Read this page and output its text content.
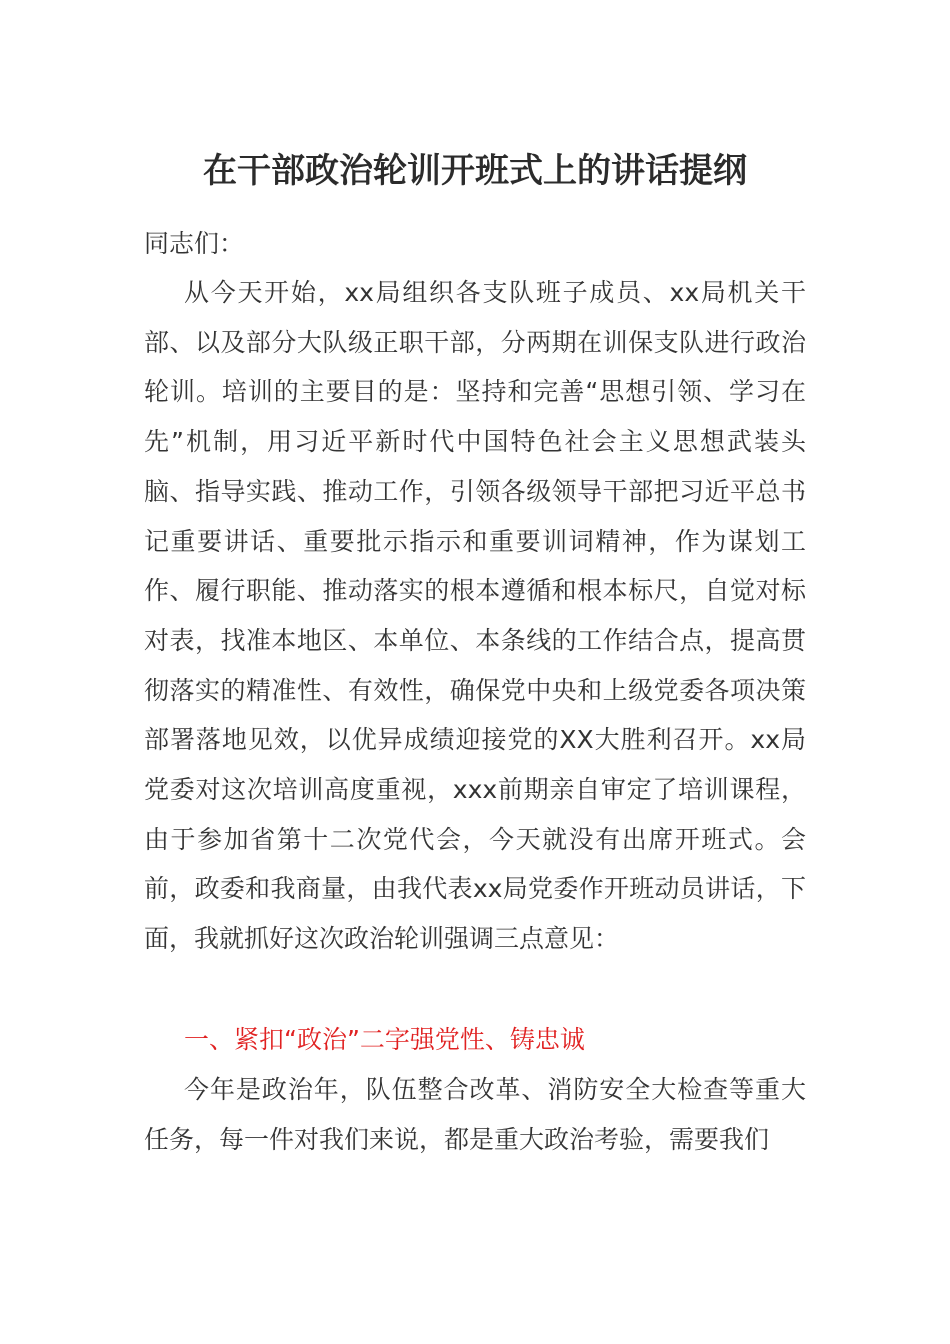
在干部政治轮训开班式上的讲话提纲

同志们：

从今天开始，xx局组织各支队班子成员、xx局机关干部、以及部分大队级正职干部，分两期在训保支队进行政治轮训。培训的主要目的是：坚持和完善“思想引领、学习在先”机制，用习近平新时代中国特色社会主义思想武装头脑、指导实践、推动工作，引领各级领导干部把习近平总书记重要讲话、重要批示指示和重要训词精神，作为谋划工作、履行职能、推动落实的根本遵循和根本标尺，自觉对标对表，找准本地区、本单位、本条线的工作结合点，提高贯彻落实的精准性、有效性，确保党中央和上级党委各项决策部署落地见效，以优异成绩迎接党的XX大胜利召开。xx局党委对这次培训高度重视，xxx前期亲自审定了培训课程，由于参加省第十二次党代会，今天就没有出席开班式。会前，政委和我商量，由我代表xx局党委作开班动员讲话，下面，我就抓好这次政治轮训强调三点意见：

一、紧扣“政治”二字强党性、铸忠诚

今年是政治年，队伍整合改革、消防安全大检查等重大任务，每一件对我们来说，都是重大政治考验，需要我们
